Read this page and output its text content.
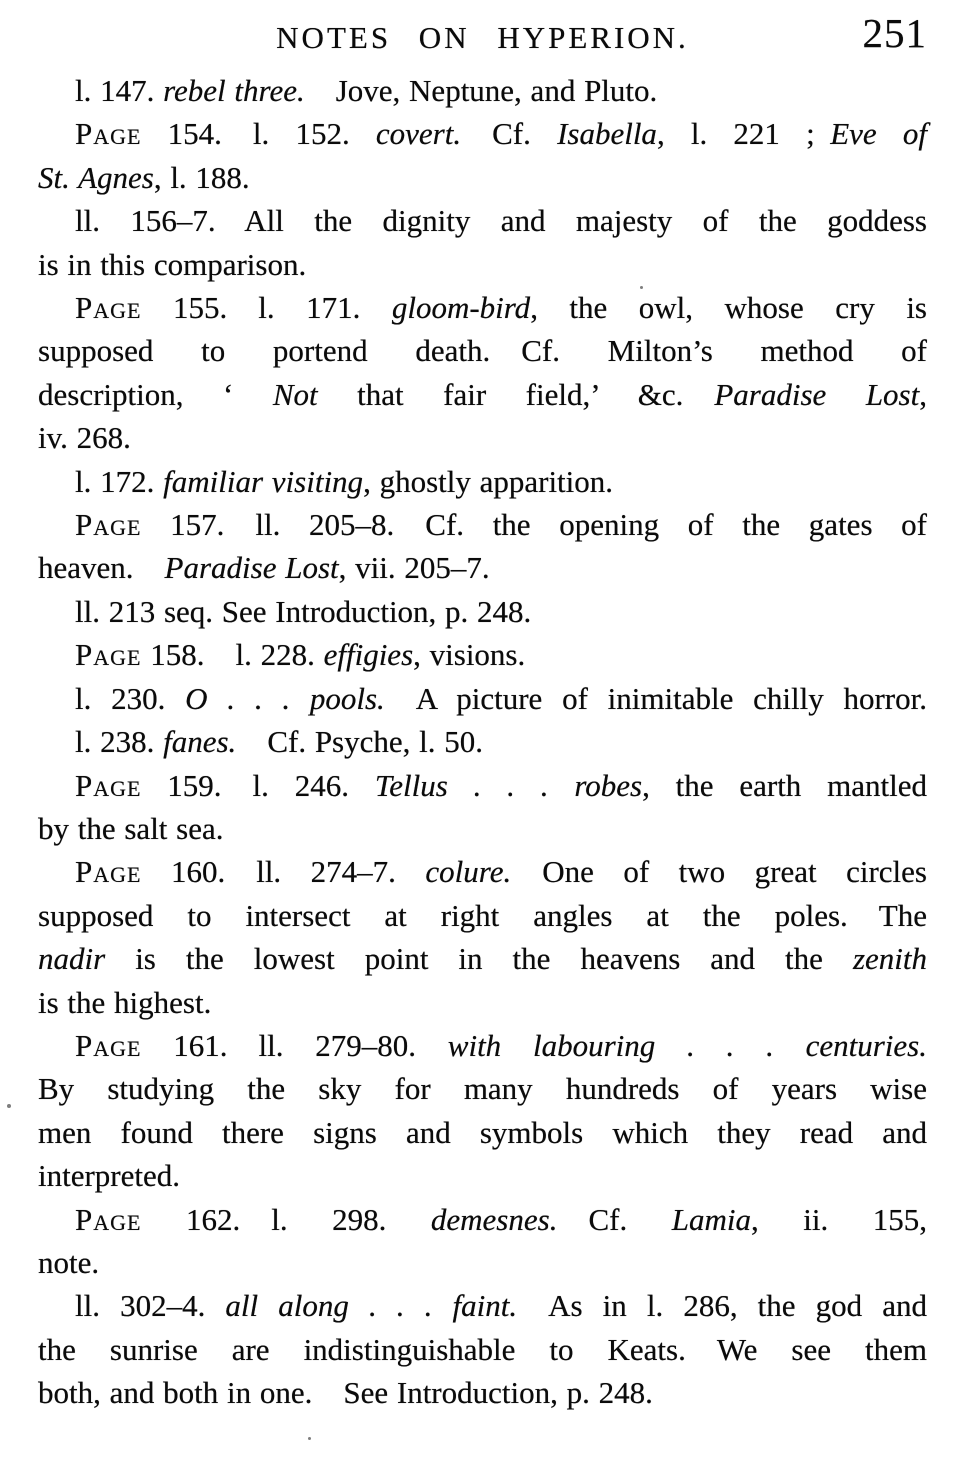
NOTES ON HYPERION.	251
l. 147. rebel three. Jove, Neptune, and Pluto.
Page 154. l. 152. covert. Cf. Isabella, l. 221 ; Eve of
St. Agnes, l. 188.
ll. 156–7. All the dignity and majesty of the goddess
is in this comparison.
Page 155. l. 171. gloom-bird, the owl, whose cry is
supposed to portend death. Cf. Milton’s method of
description, ‘ Not that fair field,’ &c. Paradise Lost,
iv. 268.
l. 172. familiar visiting, ghostly apparition.
Page 157. ll. 205–8. Cf. the opening of the gates of
heaven. Paradise Lost, vii. 205–7.
ll. 213 seq. See Introduction, p. 248.
Page 158. l. 228. effigies, visions.
l. 230. O . . . pools. A picture of inimitable chilly horror.
l. 238. fanes. Cf. Psyche, l. 50.
Page 159. l. 246. Tellus . . . robes, the earth mantled
by the salt sea.
Page 160. ll. 274–7. colure. One of two great circles
supposed to intersect at right angles at the poles. The
nadir is the lowest point in the heavens and the zenith
is the highest.
Page 161. ll. 279–80. with labouring . . . centuries.
By studying the sky for many hundreds of years wise
men found there signs and symbols which they read and
interpreted.
Page 162. l. 298. demesnes. Cf. Lamia, ii. 155,
note.
ll. 302–4. all along . . . faint. As in l. 286, the god and
the sunrise are indistinguishable to Keats. We see them
both, and both in one. See Introduction, p. 248.
